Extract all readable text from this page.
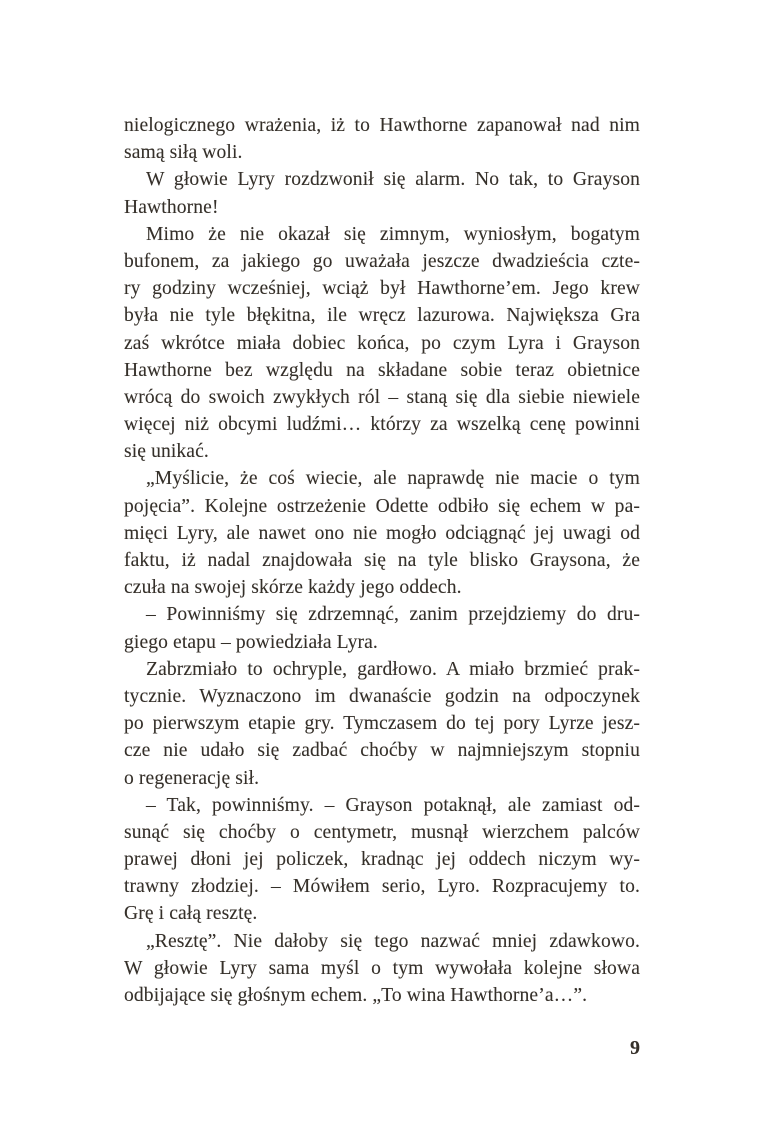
nielogicznego wrażenia, iż to Hawthorne zapanował nad nim
samą siłą woli.
W głowie Lyry rozdzwonił się alarm. No tak, to Grayson
Hawthorne!
Mimo że nie okazał się zimnym, wyniosłym, bogatym
bufonem, za jakiego go uważała jeszcze dwadzieścia czte-
ry godziny wcześniej, wciąż był Hawthorne’em. Jego krew
była nie tyle błękitna, ile wręcz lazurowa. Największa Gra
zaś wkrótce miała dobiec końca, po czym Lyra i Grayson
Hawthorne bez względu na składane sobie teraz obietnice
wrócą do swoich zwykłych ról – staną się dla siebie niewiele
więcej niż obcymi ludźmi… którzy za wszelką cenę powinni
się unikać.
„Myślicie, że coś wiecie, ale naprawdę nie macie o tym
pojęcia”. Kolejne ostrzeżenie Odette odbiło się echem w pa-
mięci Lyry, ale nawet ono nie mogło odciągnąć jej uwagi od
faktu, iż nadal znajdowała się na tyle blisko Graysona, że
czuła na swojej skórze każdy jego oddech.
– Powinniśmy się zdrzemnąć, zanim przejdziemy do dru-
giego etapu – powiedziała Lyra.
Zabrzmiało to ochryple, gardłowo. A miało brzmieć prak-
tycznie. Wyznaczono im dwanaście godzin na odpoczynek
po pierwszym etapie gry. Tymczasem do tej pory Lyrze jesz-
cze nie udało się zadbać choćby w najmniejszym stopniu
o regenerację sił.
– Tak, powinniśmy. – Grayson potaknął, ale zamiast od-
sunąć się choćby o centymetr, musnął wierzchem palców
prawej dłoni jej policzek, kradnąc jej oddech niczym wy-
trawny złodziej. – Mówiłem serio, Lyro. Rozpracujemy to.
Grę i całą resztę.
„Resztę”. Nie dałoby się tego nazwać mniej zdawkowo.
W głowie Lyry sama myśl o tym wywołała kolejne słowa
odbijające się głośnym echem. „To wina Hawthorne’a…”.
9
